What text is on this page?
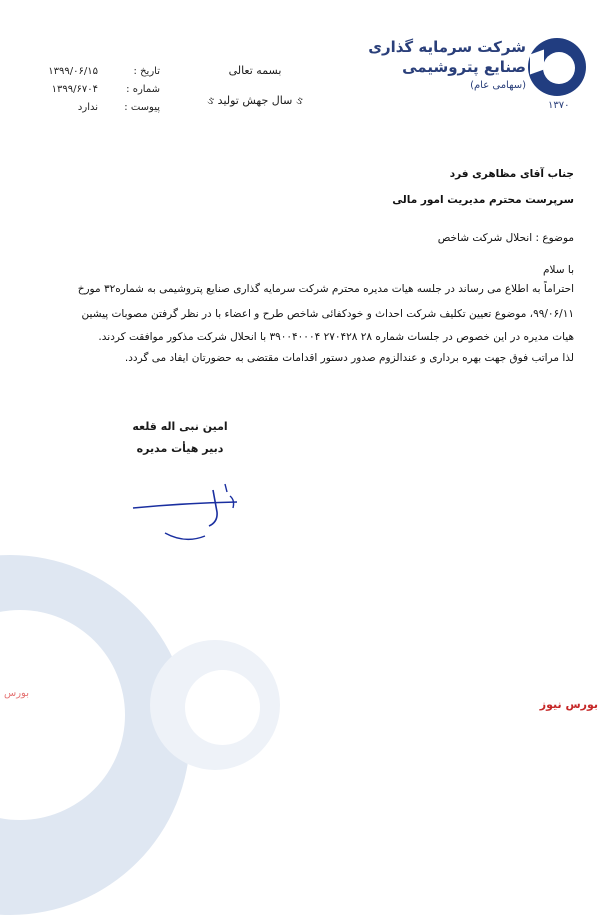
شرکت سرمایه گذاری
صنایع پتروشیمی
(سهامی عام)
۱۳۷۰
تاریخ :
۱۳۹۹/۰۶/۱۵
شماره :
۱۳۹۹/۶۷۰۴
پیوست :
ندارد
بسمه تعالی
ઙ سال جهش تولید ઙ
جناب آقای مظاهری فرد
سرپرست محترم مدیریت امور مالی
موضوع : انحلال شرکت شاخص
با سلام
احتراماً به اطلاع می رساند در جلسه هیات مدیره محترم شرکت سرمایه گذاری صنایع پتروشیمی به شماره۳۲ مورخ
۹۹/۰۶/۱۱، موضوع تعیین تکلیف شرکت احداث و خودکفائی شاخص طرح و اعضاء با در نظر گرفتن مصوبات پیشین
هیات مدیره در این خصوص در جلسات شماره ۲۸ ۲۷۰۴۲۸ ۳۹۰۰۴۰۰۰۴ با انحلال شرکت مذکور موافقت کردند.
لذا مراتب فوق جهت بهره برداری و عندالزوم صدور دستور اقدامات مقتضی به حضورتان ایفاد می گردد.
امین نبی اله قلعه
دبیر هیأت مدیره
بورس نیوز
بورس
